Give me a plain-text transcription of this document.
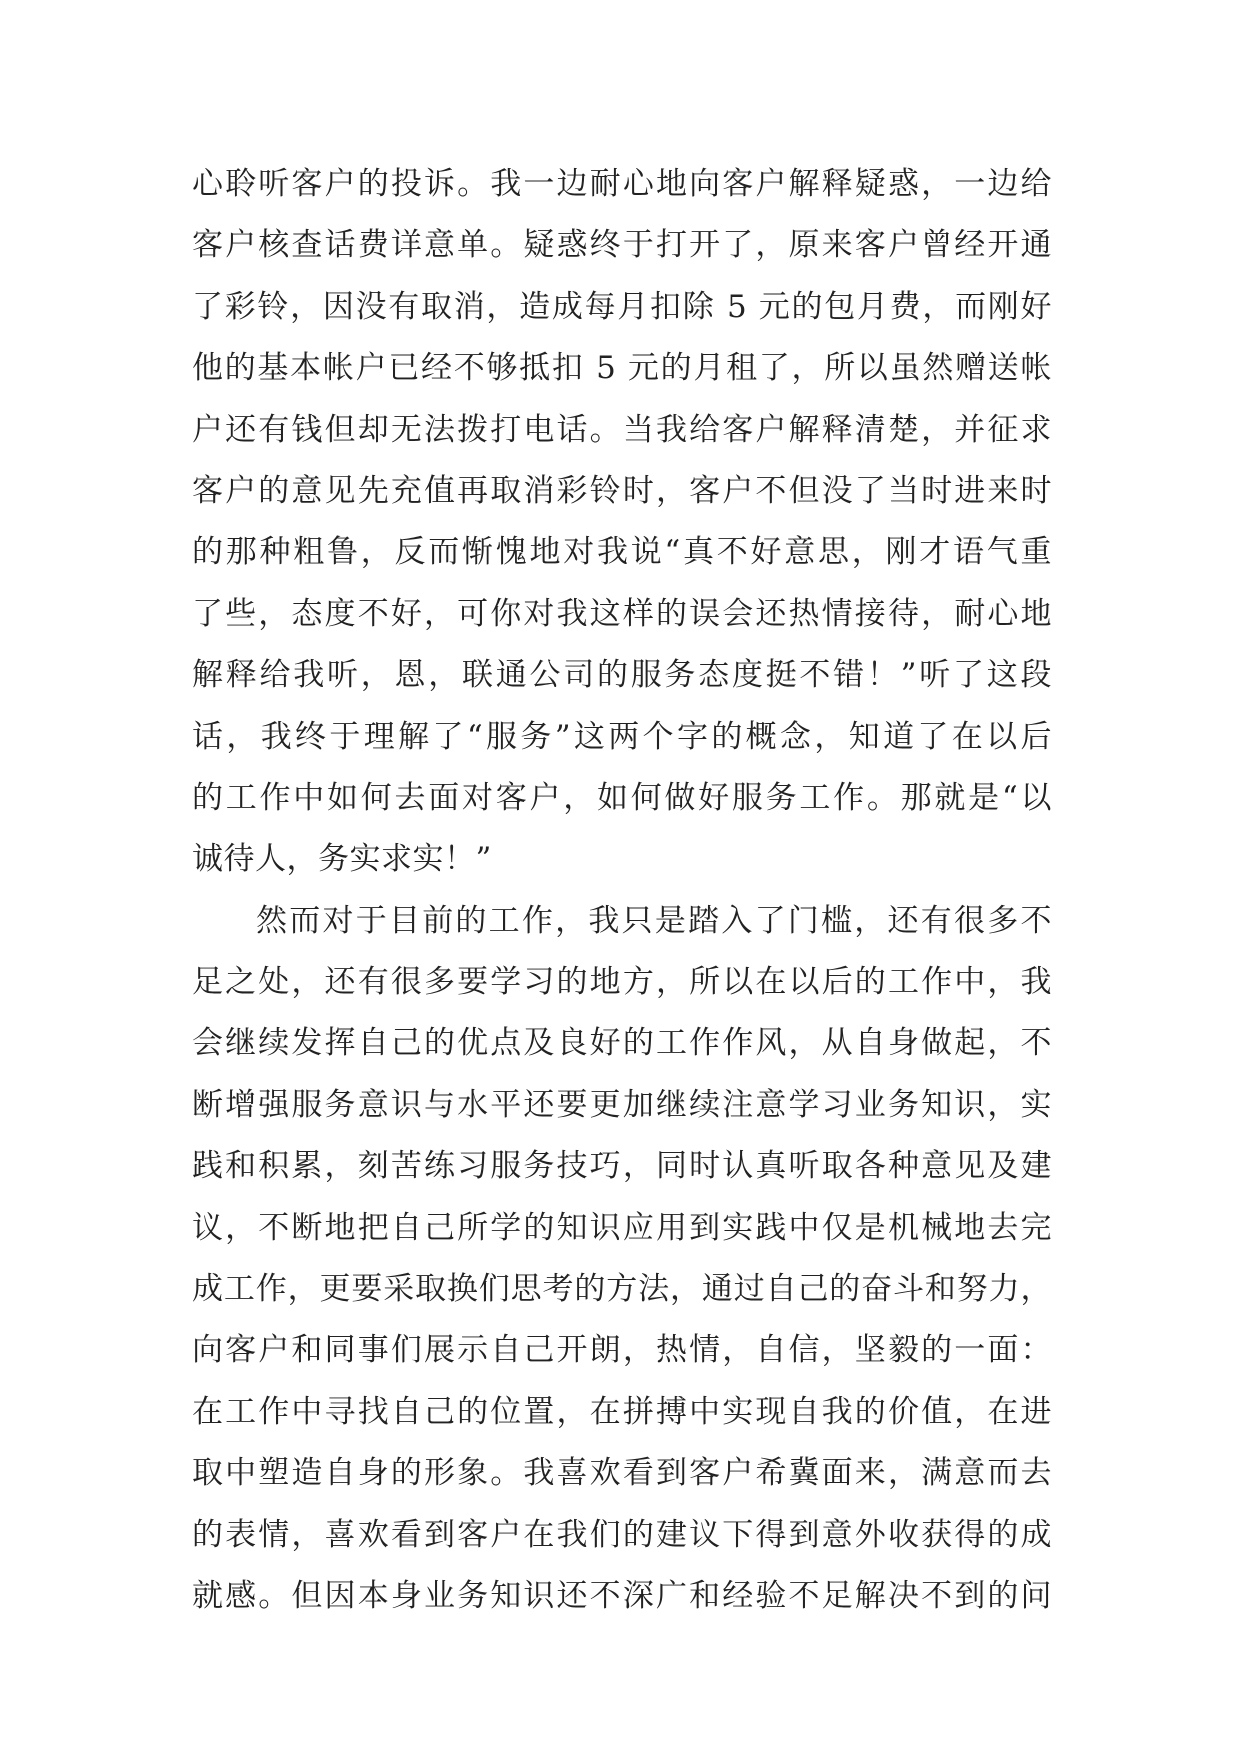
心聆听客户的投诉。我一边耐心地向客户解释疑惑，一边给
客户核查话费详意单。疑惑终于打开了，原来客户曾经开通
了彩铃，因没有取消，造成每月扣除 5 元的包月费，而刚好
他的基本帐户已经不够抵扣 5 元的月租了，所以虽然赠送帐
户还有钱但却无法拨打电话。当我给客户解释清楚，并征求
客户的意见先充值再取消彩铃时，客户不但没了当时进来时
的那种粗鲁，反而惭愧地对我说“真不好意思，刚才语气重
了些，态度不好，可你对我这样的误会还热情接待，耐心地
解释给我听，恩，联通公司的服务态度挺不错！”听了这段
话，我终于理解了“服务”这两个字的概念，知道了在以后
的工作中如何去面对客户，如何做好服务工作。那就是“以
诚待人，务实求实！”
然而对于目前的工作，我只是踏入了门槛，还有很多不
足之处，还有很多要学习的地方，所以在以后的工作中，我
会继续发挥自己的优点及良好的工作作风，从自身做起，不
断增强服务意识与水平还要更加继续注意学习业务知识，实
践和积累，刻苦练习服务技巧，同时认真听取各种意见及建
议，不断地把自己所学的知识应用到实践中仅是机械地去完
成工作，更要采取换们思考的方法，通过自己的奋斗和努力，
向客户和同事们展示自己开朗，热情，自信，坚毅的一面：
在工作中寻找自己的位置，在拼搏中实现自我的价值，在进
取中塑造自身的形象。我喜欢看到客户希冀面来，满意而去
的表情，喜欢看到客户在我们的建议下得到意外收获得的成
就感。但因本身业务知识还不深广和经验不足解决不到的问
